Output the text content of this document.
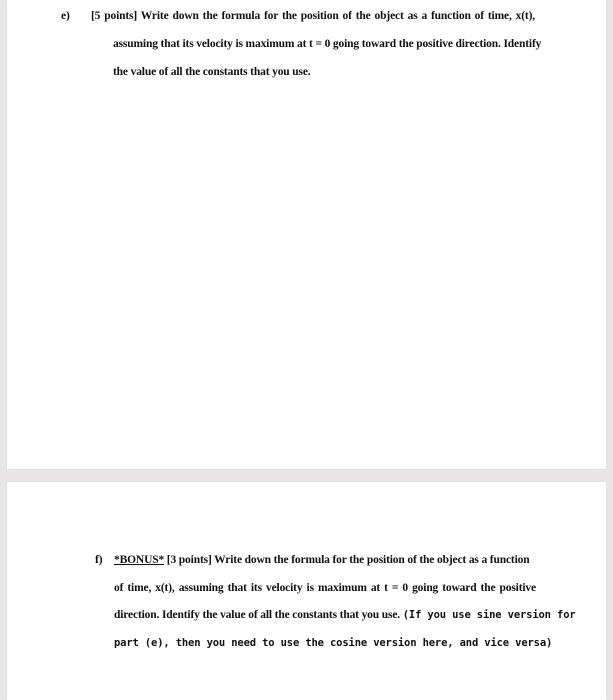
e) [5 points] Write down the formula for the position of the object as a function of time, x(t),
assuming that its velocity is maximum at t = 0 going toward the positive direction. Identify
the value of all the constants that you use.
f) *BONUS* [3 points] Write down the formula for the position of the object as a function
of time, x(t), assuming that its velocity is maximum at t = 0 going toward the positive
direction. Identify the value of all the constants that you use. (If you use sine version for
part (e), then you need to use the cosine version here, and vice versa)
